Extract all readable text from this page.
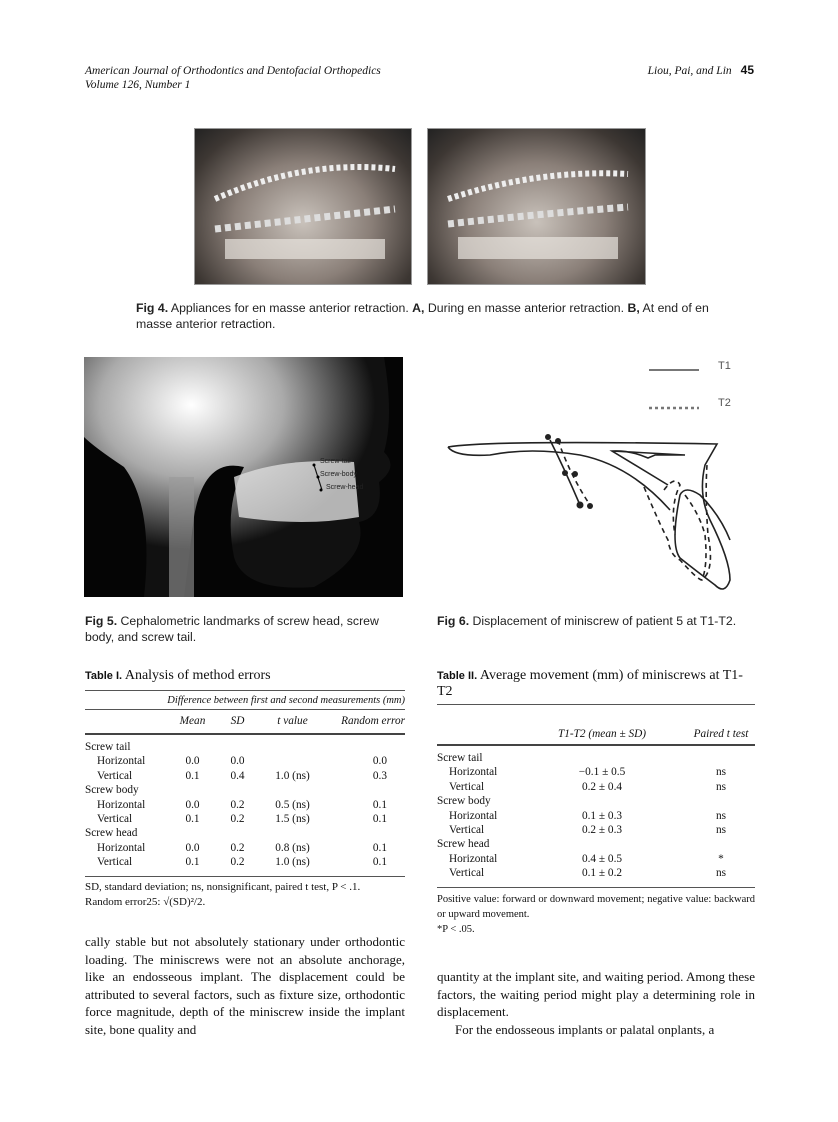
American Journal of Orthodontics and Dentofacial Orthopedics
Volume 126, Number 1
Liou, Pai, and Lin 45
Fig 4. Appliances for en masse anterior retraction. A, During en masse anterior retraction. B, At end of en masse anterior retraction.
Screw-tail
Screw-body
Screw-head
Fig 5. Cephalometric landmarks of screw head, screw body, and screw tail.
T1
T2
Fig 6. Displacement of miniscrew of patient 5 at T1-T2.
Table I. Analysis of method errors
Difference between first and second measurements (mm)
	Mean	SD	t value	Random error

Screw tail				
Horizontal	0.0	0.0		0.0
Vertical	0.1	0.4	1.0 (ns)	0.3
Screw body				
Horizontal	0.0	0.2	0.5 (ns)	0.1
Vertical	0.1	0.2	1.5 (ns)	0.1
Screw head				
Horizontal	0.0	0.2	0.8 (ns)	0.1
Vertical	0.1	0.2	1.0 (ns)	0.1
SD, standard deviation; ns, nonsignificant, paired t test, P < .1.
Random error25: √(SD)²/2.
Table II. Average movement (mm) of miniscrews at T1-T2
	T1-T2 (mean ± SD)	Paired t test

Screw tail		
Horizontal	−0.1 ± 0.5	ns
Vertical	0.2 ± 0.4	ns
Screw body		
Horizontal	0.1 ± 0.3	ns
Vertical	0.2 ± 0.3	ns
Screw head		
Horizontal	0.4 ± 0.5	*
Vertical	0.1 ± 0.2	ns
Positive value: forward or downward movement; negative value: backward or upward movement.
*P < .05.
cally stable but not absolutely stationary under orthodontic loading. The miniscrews were not an absolute anchorage, like an endosseous implant. The displacement could be attributed to several factors, such as fixture size, orthodontic force magnitude, depth of the miniscrew inside the implant site, bone quality and
quantity at the implant site, and waiting period. Among these factors, the waiting period might play a determining role in displacement.
For the endosseous implants or palatal onplants, a
